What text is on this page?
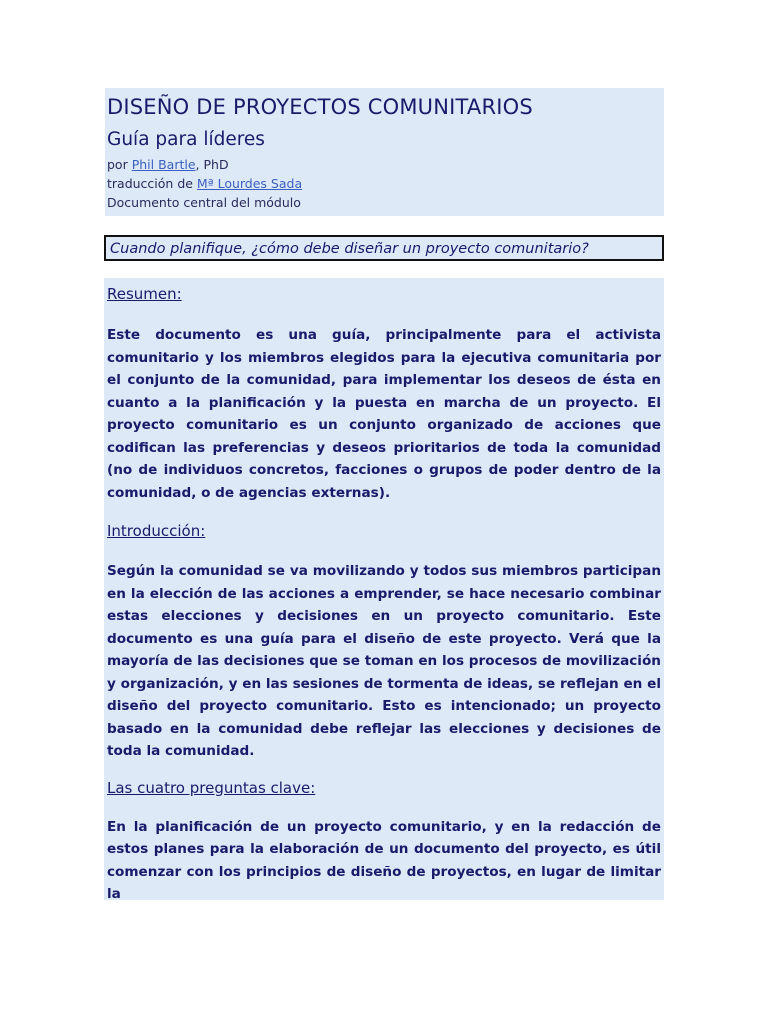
DISEÑO DE PROYECTOS COMUNITARIOS
Guía para líderes
por Phil Bartle, PhD
traducción de Mª Lourdes Sada
Documento central del módulo
Cuando planifique, ¿cómo debe diseñar un proyecto comunitario?
Resumen:

Este documento es una guía, principalmente para el activista comunitario y los miembros elegidos para la ejecutiva comunitaria por el conjunto de la comunidad, para implementar los deseos de ésta en cuanto a la planificación y la puesta en marcha de un proyecto. El proyecto comunitario es un conjunto organizado de acciones que codifican las preferencias y deseos prioritarios de toda la comunidad (no de individuos concretos, facciones o grupos de poder dentro de la comunidad, o de agencias externas).

Introducción:

Según la comunidad se va movilizando y todos sus miembros participan en la elección de las acciones a emprender, se hace necesario combinar estas elecciones y decisiones en un proyecto comunitario. Este documento es una guía para el diseño de este proyecto. Verá que la mayoría de las decisiones que se toman en los procesos de movilización y organización, y en las sesiones de tormenta de ideas, se reflejan en el diseño del proyecto comunitario. Esto es intencionado; un proyecto basado en la comunidad debe reflejar las elecciones y decisiones de toda la comunidad.

Las cuatro preguntas clave:

En la planificación de un proyecto comunitario, y en la redacción de estos planes para la elaboración de un documento del proyecto, es útil comenzar con los principios de diseño de proyectos, en lugar de limitar la
